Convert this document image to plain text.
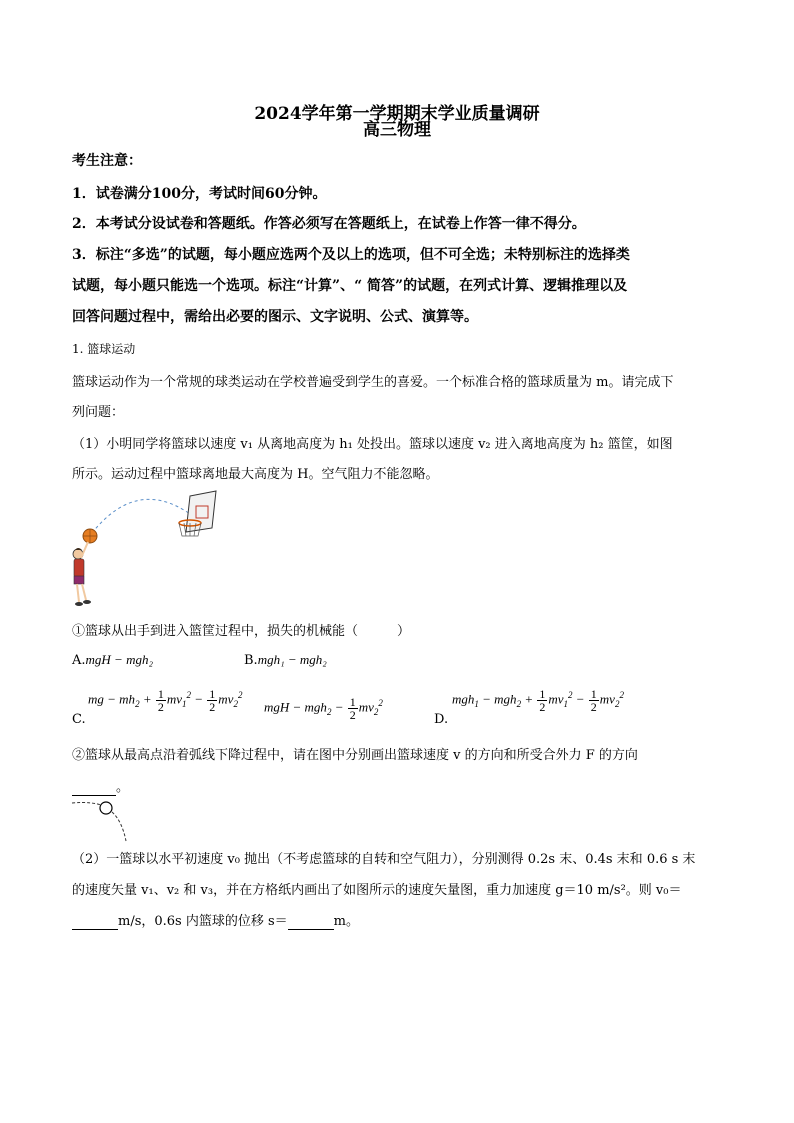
2024学年第一学期期末学业质量调研
高三物理
考生注意：
1．试卷满分100分，考试时间60分钟。
2．本考试分设试卷和答题纸。作答必须写在答题纸上，在试卷上作答一律不得分。
3．标注“多选”的试题，每小题应选两个及以上的选项，但不可全选；未特别标注的选择类
试题，每小题只能选一个选项。标注“计算”、“ 简答”的试题，在列式计算、逻辑推理以及
回答问题过程中，需给出必要的图示、文字说明、公式、演算等。
1. 篮球运动
篮球运动作为一个常规的球类运动在学校普遍受到学生的喜爱。一个标准合格的篮球质量为 m。请完成下
列问题：
（1）小明同学将篮球以速度 v₁ 从离地高度为 h₁ 处投出。篮球以速度 v₂ 进入离地高度为 h₂ 篮筐，如图
所示。运动过程中篮球离地最大高度为 H。空气阻力不能忽略。
①篮球从出手到进入篮筐过程中，损失的机械能（　　　）
A.mgH − mgh₂	B.mgh₁ − mgh₂
C.
mg − $mh_2 + \frac{1}{2} mv_1^2 - \frac{1}{2} mv_2^2$
mgH − $mgh_2 - \frac{1}{2} mv_2^2$
D.
$mgh_1 - mgh_2 + \frac{1}{2} mv_1^2 - \frac{1}{2} mv_2^2$
②篮球从最高点沿着弧线下降过程中，请在图中分别画出篮球速度 v 的方向和所受合外力 F 的方向
。
（2）一篮球以水平初速度 v₀ 抛出（不考虑篮球的自转和空气阻力），分别测得 0.2s 末、0.4s 末和 0.6 s 末
的速度矢量 v₁、v₂ 和 v₃，并在方格纸内画出了如图所示的速度矢量图，重力加速度 g＝10 m/s²。则 v₀＝
m/s，0.6s 内篮球的位移 s＝	m。
